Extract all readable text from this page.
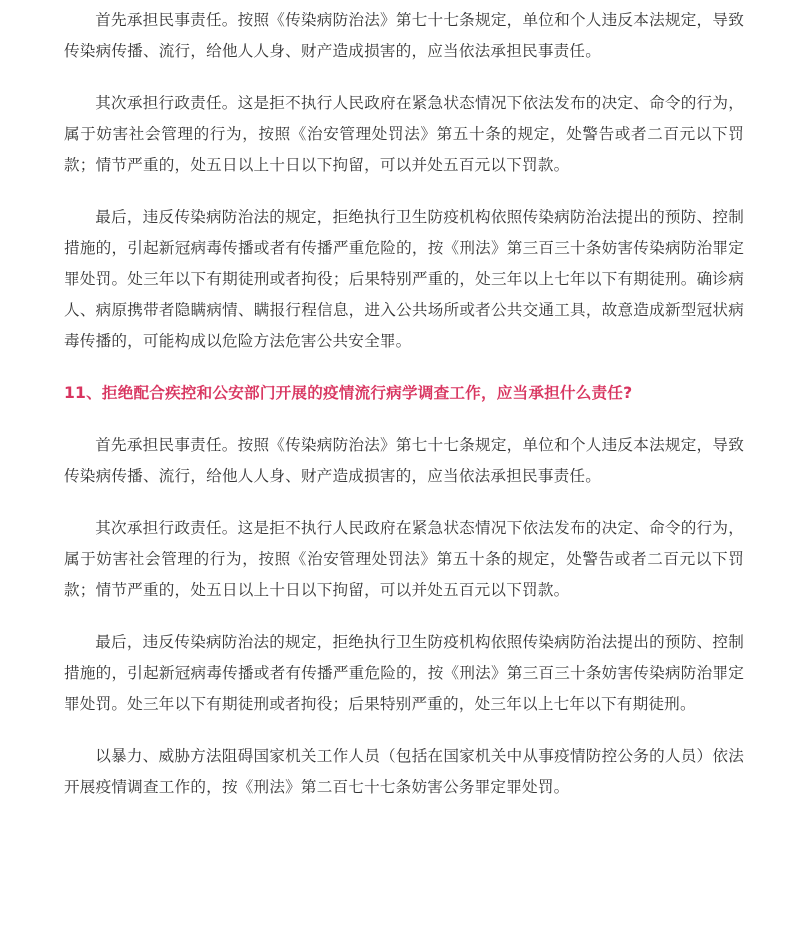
首先承担民事责任。按照《传染病防治法》第七十七条规定，单位和个人违反本法规定，导致传染病传播、流行，给他人人身、财产造成损害的，应当依法承担民事责任。

其次承担行政责任。这是拒不执行人民政府在紧急状态情况下依法发布的决定、命令的行为，属于妨害社会管理的行为，按照《治安管理处罚法》第五十条的规定，处警告或者二百元以下罚款；情节严重的，处五日以上十日以下拘留，可以并处五百元以下罚款。

最后，违反传染病防治法的规定，拒绝执行卫生防疫机构依照传染病防治法提出的预防、控制措施的，引起新冠病毒传播或者有传播严重危险的，按《刑法》第三百三十条妨害传染病防治罪定罪处罚。处三年以下有期徒刑或者拘役；后果特别严重的，处三年以上七年以下有期徒刑。确诊病人、病原携带者隐瞒病情、瞒报行程信息，进入公共场所或者公共交通工具，故意造成新型冠状病毒传播的，可能构成以危险方法危害公共安全罪。

11、拒绝配合疾控和公安部门开展的疫情流行病学调查工作，应当承担什么责任?

首先承担民事责任。按照《传染病防治法》第七十七条规定，单位和个人违反本法规定，导致传染病传播、流行，给他人人身、财产造成损害的，应当依法承担民事责任。

其次承担行政责任。这是拒不执行人民政府在紧急状态情况下依法发布的决定、命令的行为，属于妨害社会管理的行为，按照《治安管理处罚法》第五十条的规定，处警告或者二百元以下罚款；情节严重的，处五日以上十日以下拘留，可以并处五百元以下罚款。

最后，违反传染病防治法的规定，拒绝执行卫生防疫机构依照传染病防治法提出的预防、控制措施的，引起新冠病毒传播或者有传播严重危险的，按《刑法》第三百三十条妨害传染病防治罪定罪处罚。处三年以下有期徒刑或者拘役；后果特别严重的，处三年以上七年以下有期徒刑。

以暴力、威胁方法阻碍国家机关工作人员（包括在国家机关中从事疫情防控公务的人员）依法开展疫情调查工作的，按《刑法》第二百七十七条妨害公务罪定罪处罚。
